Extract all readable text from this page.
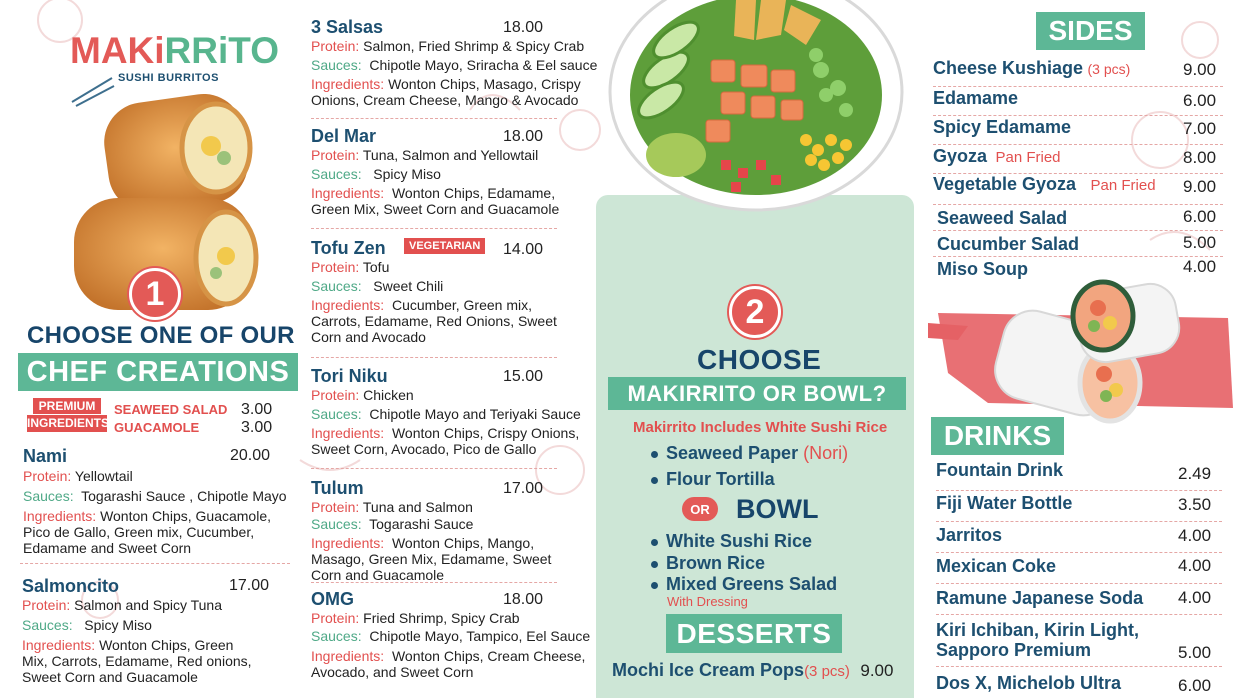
MAKiRRiTO
SUSHI BURRITOS
1
CHOOSE ONE OF OUR
CHEF CREATIONS
PREMIUM
INGREDIENTS
SEAWEED SALAD 3.00
GUACAMOLE	3.00
Nami	20.00
Protein: Yellowtail
Sauces: Togarashi Sauce , Chipotle Mayo
Ingredients: Wonton Chips, Guacamole,
Pico de Gallo, Green mix, Cucumber,
Edamame and Sweet Corn
Salmoncito	17.00
Protein: Salmon and Spicy Tuna
Sauces: Spicy Miso
Ingredients: Wonton Chips, Green
Mix, Carrots, Edamame, Red onions,
Sweet Corn and Guacamole
3 Salsas	18.00
Protein: Salmon, Fried Shrimp & Spicy Crab
Sauces: Chipotle Mayo, Sriracha & Eel sauce
Ingredients: Wonton Chips, Masago, Crispy
Onions, Cream Cheese, Mango & Avocado
Del Mar	18.00
Protein: Tuna, Salmon and Yellowtail
Sauces: Spicy Miso
Ingredients: Wonton Chips, Edamame,
Green Mix, Sweet Corn and Guacamole
Tofu Zen	VEGETARIAN	14.00
Protein: Tofu
Sauces: Sweet Chili
Ingredients: Cucumber, Green mix,
Carrots, Edamame, Red Onions, Sweet
Corn and Avocado
Tori Niku	15.00
Protein: Chicken
Sauces: Chipotle Mayo and Teriyaki Sauce
Ingredients: Wonton Chips, Crispy Onions,
Sweet Corn, Avocado, Pico de Gallo
Tulum	17.00
Protein: Tuna and Salmon
Sauces: Togarashi Sauce
Ingredients: Wonton Chips, Mango,
Masago, Green Mix, Edamame, Sweet
Corn and Guacamole
OMG	18.00
Protein: Fried Shrimp, Spicy Crab
Sauces: Chipotle Mayo, Tampico, Eel Sauce
Ingredients: Wonton Chips, Cream Cheese,
Avocado, and Sweet Corn
2
CHOOSE
MAKIRRITO OR BOWL?
Makirrito Includes White Sushi Rice
Seaweed Paper (Nori)
Flour Tortilla
OR BOWL
White Sushi Rice
Brown Rice
Mixed Greens Salad
With Dressing
DESSERTS
Mochi Ice Cream Pops(3 pcs) 9.00
SIDES
Cheese Kushiage (3 pcs)	9.00
Edamame	6.00
Spicy Edamame	7.00
Gyoza Pan Fried	8.00
Vegetable Gyoza Pan Fried 9.00
Seaweed Salad	6.00
Cucumber Salad	5.00
Miso Soup	4.00
DRINKS
Fountain Drink	2.49
Fiji Water Bottle	3.50
Jarritos	4.00
Mexican Coke	4.00
Ramune Japanese Soda 4.00
Kiri Ichiban, Kirin Light,
Sapporo Premium	5.00
Dos X, Michelob Ultra	6.00
